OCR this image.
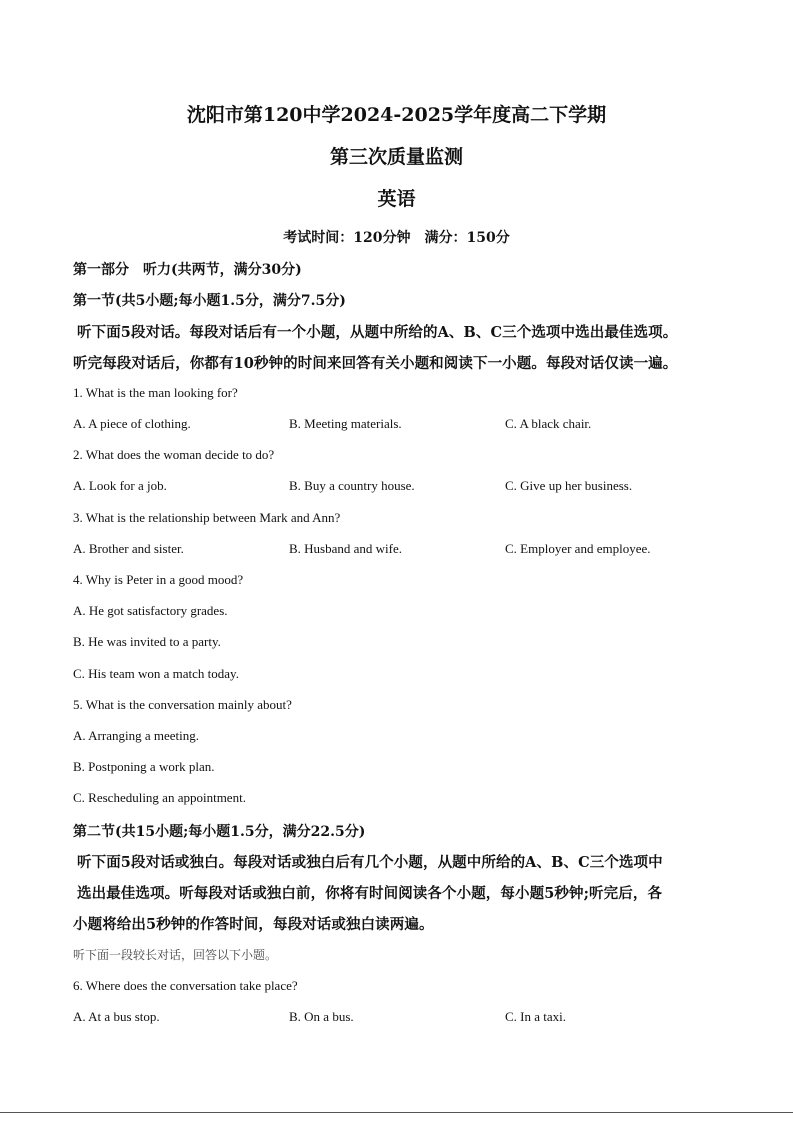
沈阳市第120中学2024-2025学年度高二下学期
第三次质量监测
英语
考试时间：120分钟　满分：150分
第一部分　听力(共两节，满分30分)
第一节(共5小题;每小题1.5分，满分7.5分)
听下面5段对话。每段对话后有一个小题，从题中所给的A、B、C三个选项中选出最佳选项。
听完每段对话后，你都有10秒钟的时间来回答有关小题和阅读下一小题。每段对话仅读一遍。
1. What is the man looking for?
A. A piece of clothing.	B. Meeting materials.	C. A black chair.
2. What does the woman decide to do?
A. Look for a job.	B. Buy a country house.	C. Give up her business.
3. What is the relationship between Mark and Ann?
A. Brother and sister.	B. Husband and wife.	C. Employer and employee.
4. Why is Peter in a good mood?
A. He got satisfactory grades.
B. He was invited to a party.
C. His team won a match today.
5. What is the conversation mainly about?
A. Arranging a meeting.
B. Postponing a work plan.
C. Rescheduling an appointment.
第二节(共15小题;每小题1.5分，满分22.5分)
听下面5段对话或独白。每段对话或独白后有几个小题，从题中所给的A、B、C三个选项中
选出最佳选项。听每段对话或独白前，你将有时间阅读各个小题，每小题5秒钟;听完后，各
小题将给出5秒钟的作答时间，每段对话或独白读两遍。
听下面一段较长对话，回答以下小题。
6. Where does the conversation take place?
A. At a bus stop.	B. On a bus.	C. In a taxi.
